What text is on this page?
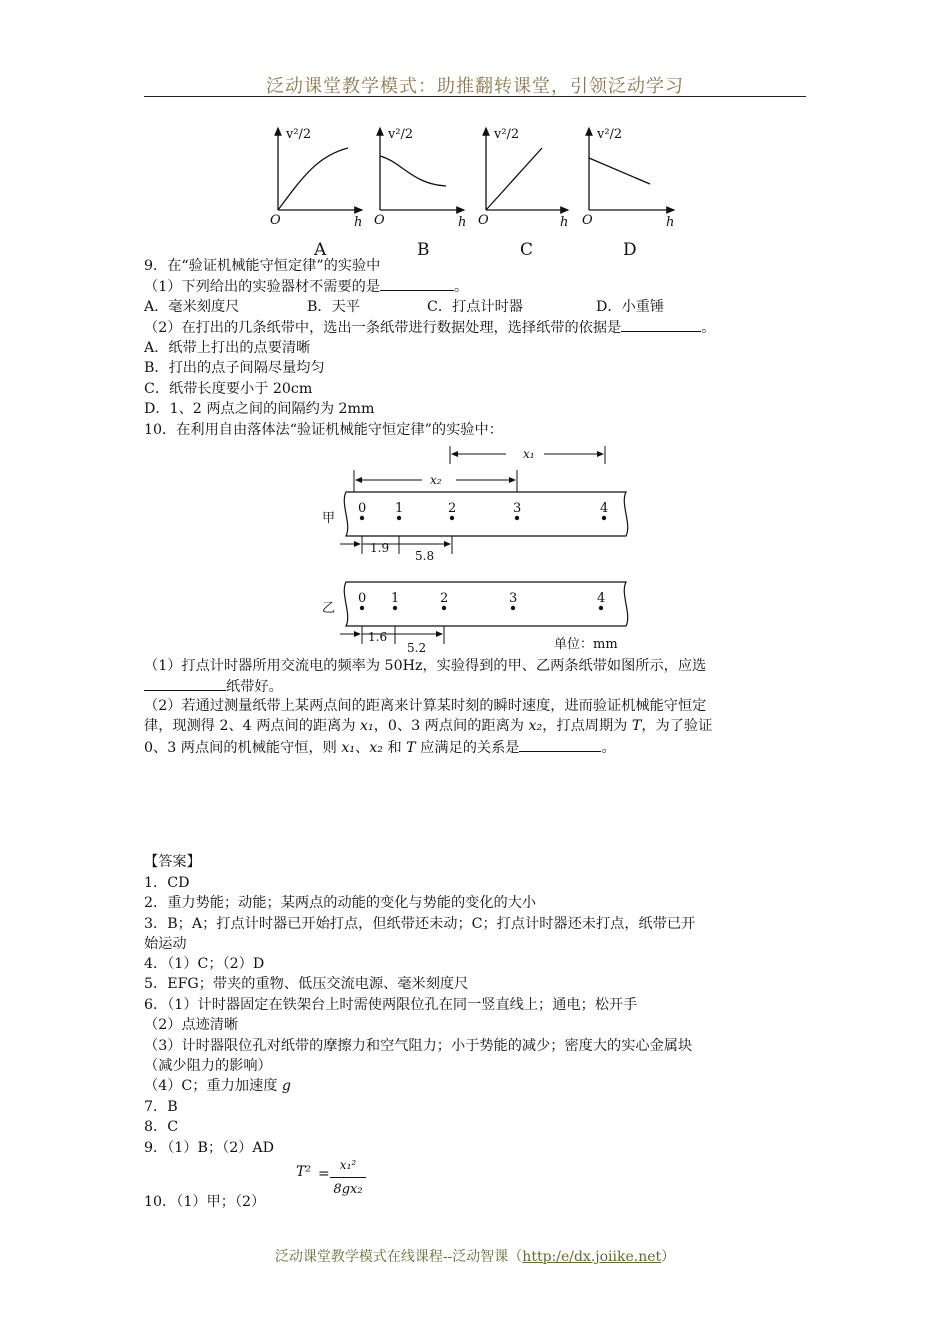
泛动课堂教学模式：助推翻转课堂，引领泛动学习
v²/2
O	h
A
v²/2
O	h
B
v²/2
O	h
C
v²/2
O	h
D
9．在“验证机械能守恒定律”的实验中
（1）下列给出的实验器材不需要的是	。
A．毫米刻度尺	B．天平	C．打点计时器	D．小重锤
（2）在打出的几条纸带中，选出一条纸带进行数据处理，选择纸带的依据是	。
A．纸带上打出的点要清晰
B．打出的点子间隔尽量均匀
C．纸带长度要小于 20cm
D．1、2 两点之间的间隔约为 2mm
10．在利用自由落体法“验证机械能守恒定律”的实验中：
x₁
x₂
甲
0 1	2	3	4
1.9
5.8
乙
0 1	2	3	4
1.6
5.2	单位：mm
（1）打点计时器所用交流电的频率为 50Hz，实验得到的甲、乙两条纸带如图所示，应选
纸带好。
（2）若通过测量纸带上某两点间的距离来计算某时刻的瞬时速度，进而验证机械能守恒定
律，现测得 2、4 两点间的距离为 x₁，0、3 两点间的距离为 x₂，打点周期为 T，为了验证
0、3 两点间的机械能守恒，则 x₁、x₂ 和 T 应满足的关系是	。
【答案】
1．CD
2．重力势能；动能；某两点的动能的变化与势能的变化的大小
3．B；A；打点计时器已开始打点，但纸带还未动；C；打点计时器还未打点，纸带已开
始运动
4．（1）C；（2）D
5．EFG；带夹的重物、低压交流电源、毫米刻度尺
6．（1）计时器固定在铁架台上时需使两限位孔在同一竖直线上；通电；松开手
（2）点迹清晰
（3）计时器限位孔对纸带的摩擦力和空气阻力；小于势能的减少；密度大的实心金属块
（减少阻力的影响）
（4）C；重力加速度 g
7．B
8．C
9．（1）B；（2）AD
10．（1）甲；（2）
T² =
x₁²
8gx₂
泛动课堂教学模式在线课程--泛动智课（http:/e/dx.joiike.net）
